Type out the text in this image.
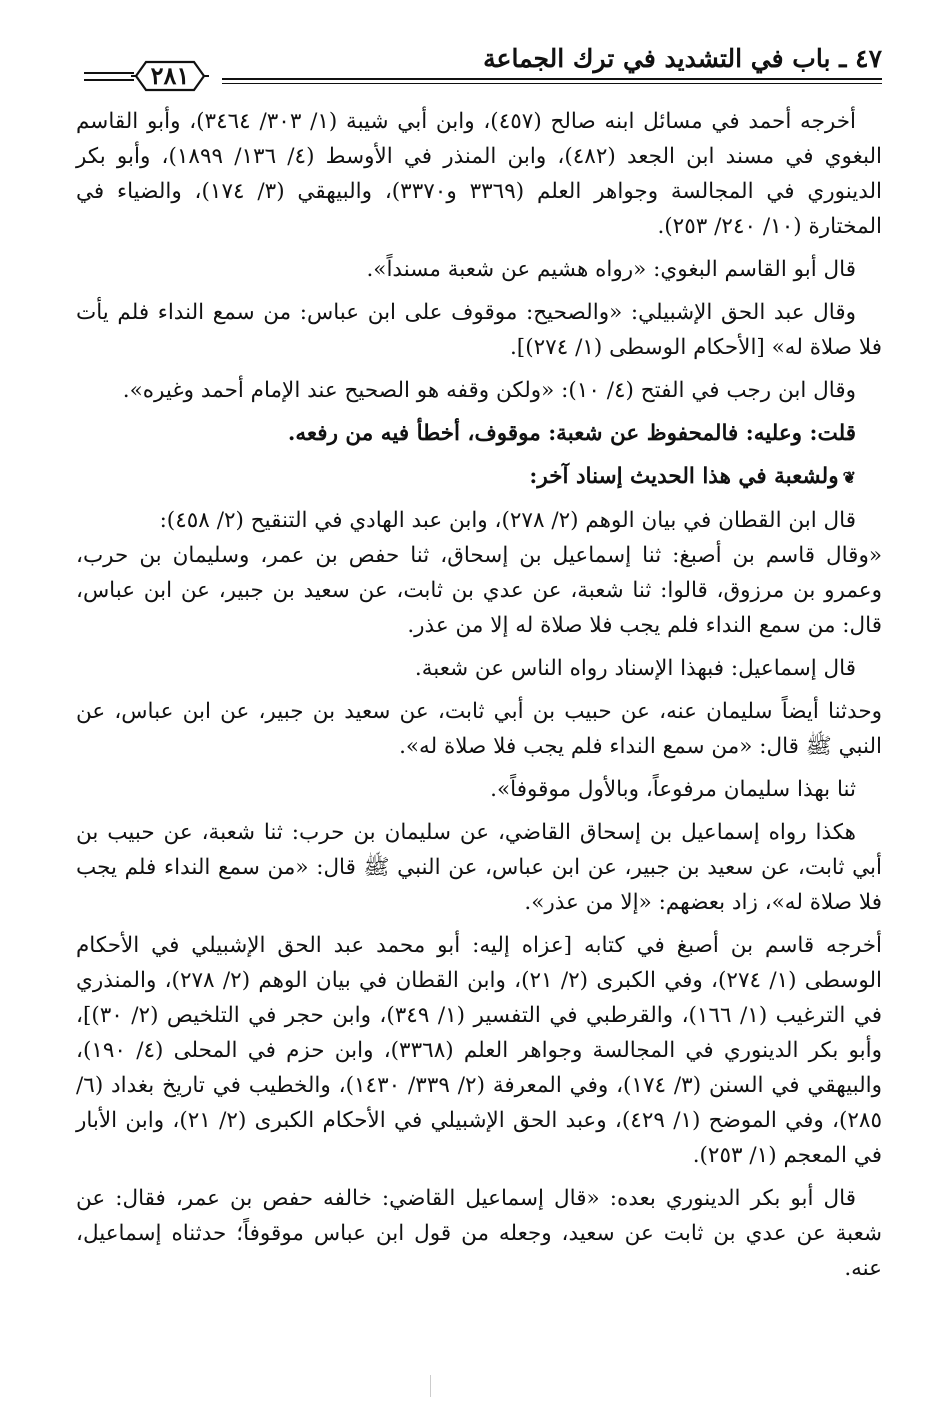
٤٧ ـ باب في التشديد في ترك الجماعة
٢٨١

أخرجه أحمد في مسائل ابنه صالح (٤٥٧)، وابن أبي شيبة (١/ ٣٠٣/ ٣٤٦٤)، وأبو القاسم البغوي في مسند ابن الجعد (٤٨٢)، وابن المنذر في الأوسط (٤/ ١٣٦/ ١٨٩٩)، وأبو بكر الدينوري في المجالسة وجواهر العلم (٣٣٦٩ و٣٣٧٠)، والبيهقي (٣/ ١٧٤)، والضياء في المختارة (١٠/ ٢٤٠/ ٢٥٣).

قال أبو القاسم البغوي: «رواه هشيم عن شعبة مسنداً».

وقال عبد الحق الإشبيلي: «والصحيح: موقوف على ابن عباس: من سمع النداء فلم يأت فلا صلاة له» [الأحكام الوسطى (١/ ٢٧٤)].

وقال ابن رجب في الفتح (٤/ ١٠): «ولكن وقفه هو الصحيح عند الإمام أحمد وغيره».

قلت: وعليه: فالمحفوظ عن شعبة: موقوف، أخطأ فيه من رفعه.

❦ولشعبة في هذا الحديث إسناد آخر:

قال ابن القطان في بيان الوهم (٢/ ٢٧٨)، وابن عبد الهادي في التنقيح (٢/ ٤٥٨):

«وقال قاسم بن أصبغ: ثنا إسماعيل بن إسحاق، ثنا حفص بن عمر، وسليمان بن حرب، وعمرو بن مرزوق، قالوا: ثنا شعبة، عن عدي بن ثابت، عن سعيد بن جبير، عن ابن عباس، قال: من سمع النداء فلم يجب فلا صلاة له إلا من عذر.

قال إسماعيل: فبهذا الإسناد رواه الناس عن شعبة.

وحدثنا أيضاً سليمان عنه، عن حبيب بن أبي ثابت، عن سعيد بن جبير، عن ابن عباس، عن النبي ﷺ قال: «من سمع النداء فلم يجب فلا صلاة له».

ثنا بهذا سليمان مرفوعاً، وبالأول موقوفاً».

هكذا رواه إسماعيل بن إسحاق القاضي، عن سليمان بن حرب: ثنا شعبة، عن حبيب بن أبي ثابت، عن سعيد بن جبير، عن ابن عباس، عن النبي ﷺ قال: «من سمع النداء فلم يجب فلا صلاة له»، زاد بعضهم: «إلا من عذر».

أخرجه قاسم بن أصبغ في كتابه [عزاه إليه: أبو محمد عبد الحق الإشبيلي في الأحكام الوسطى (١/ ٢٧٤)، وفي الكبرى (٢/ ٢١)، وابن القطان في بيان الوهم (٢/ ٢٧٨)، والمنذري في الترغيب (١/ ١٦٦)، والقرطبي في التفسير (١/ ٣٤٩)، وابن حجر في التلخيص (٢/ ٣٠)]، وأبو بكر الدينوري في المجالسة وجواهر العلم (٣٣٦٨)، وابن حزم في المحلى (٤/ ١٩٠)، والبيهقي في السنن (٣/ ١٧٤)، وفي المعرفة (٢/ ٣٣٩/ ١٤٣٠)، والخطيب في تاريخ بغداد (٦/ ٢٨٥)، وفي الموضح (١/ ٤٢٩)، وعبد الحق الإشبيلي في الأحكام الكبرى (٢/ ٢١)، وابن الأبار في المعجم (١/ ٢٥٣).

قال أبو بكر الدينوري بعده: «قال إسماعيل القاضي: خالفه حفص بن عمر، فقال: عن شعبة عن عدي بن ثابت عن سعيد، وجعله من قول ابن عباس موقوفاً؛ حدثناه إسماعيل، عنه.
